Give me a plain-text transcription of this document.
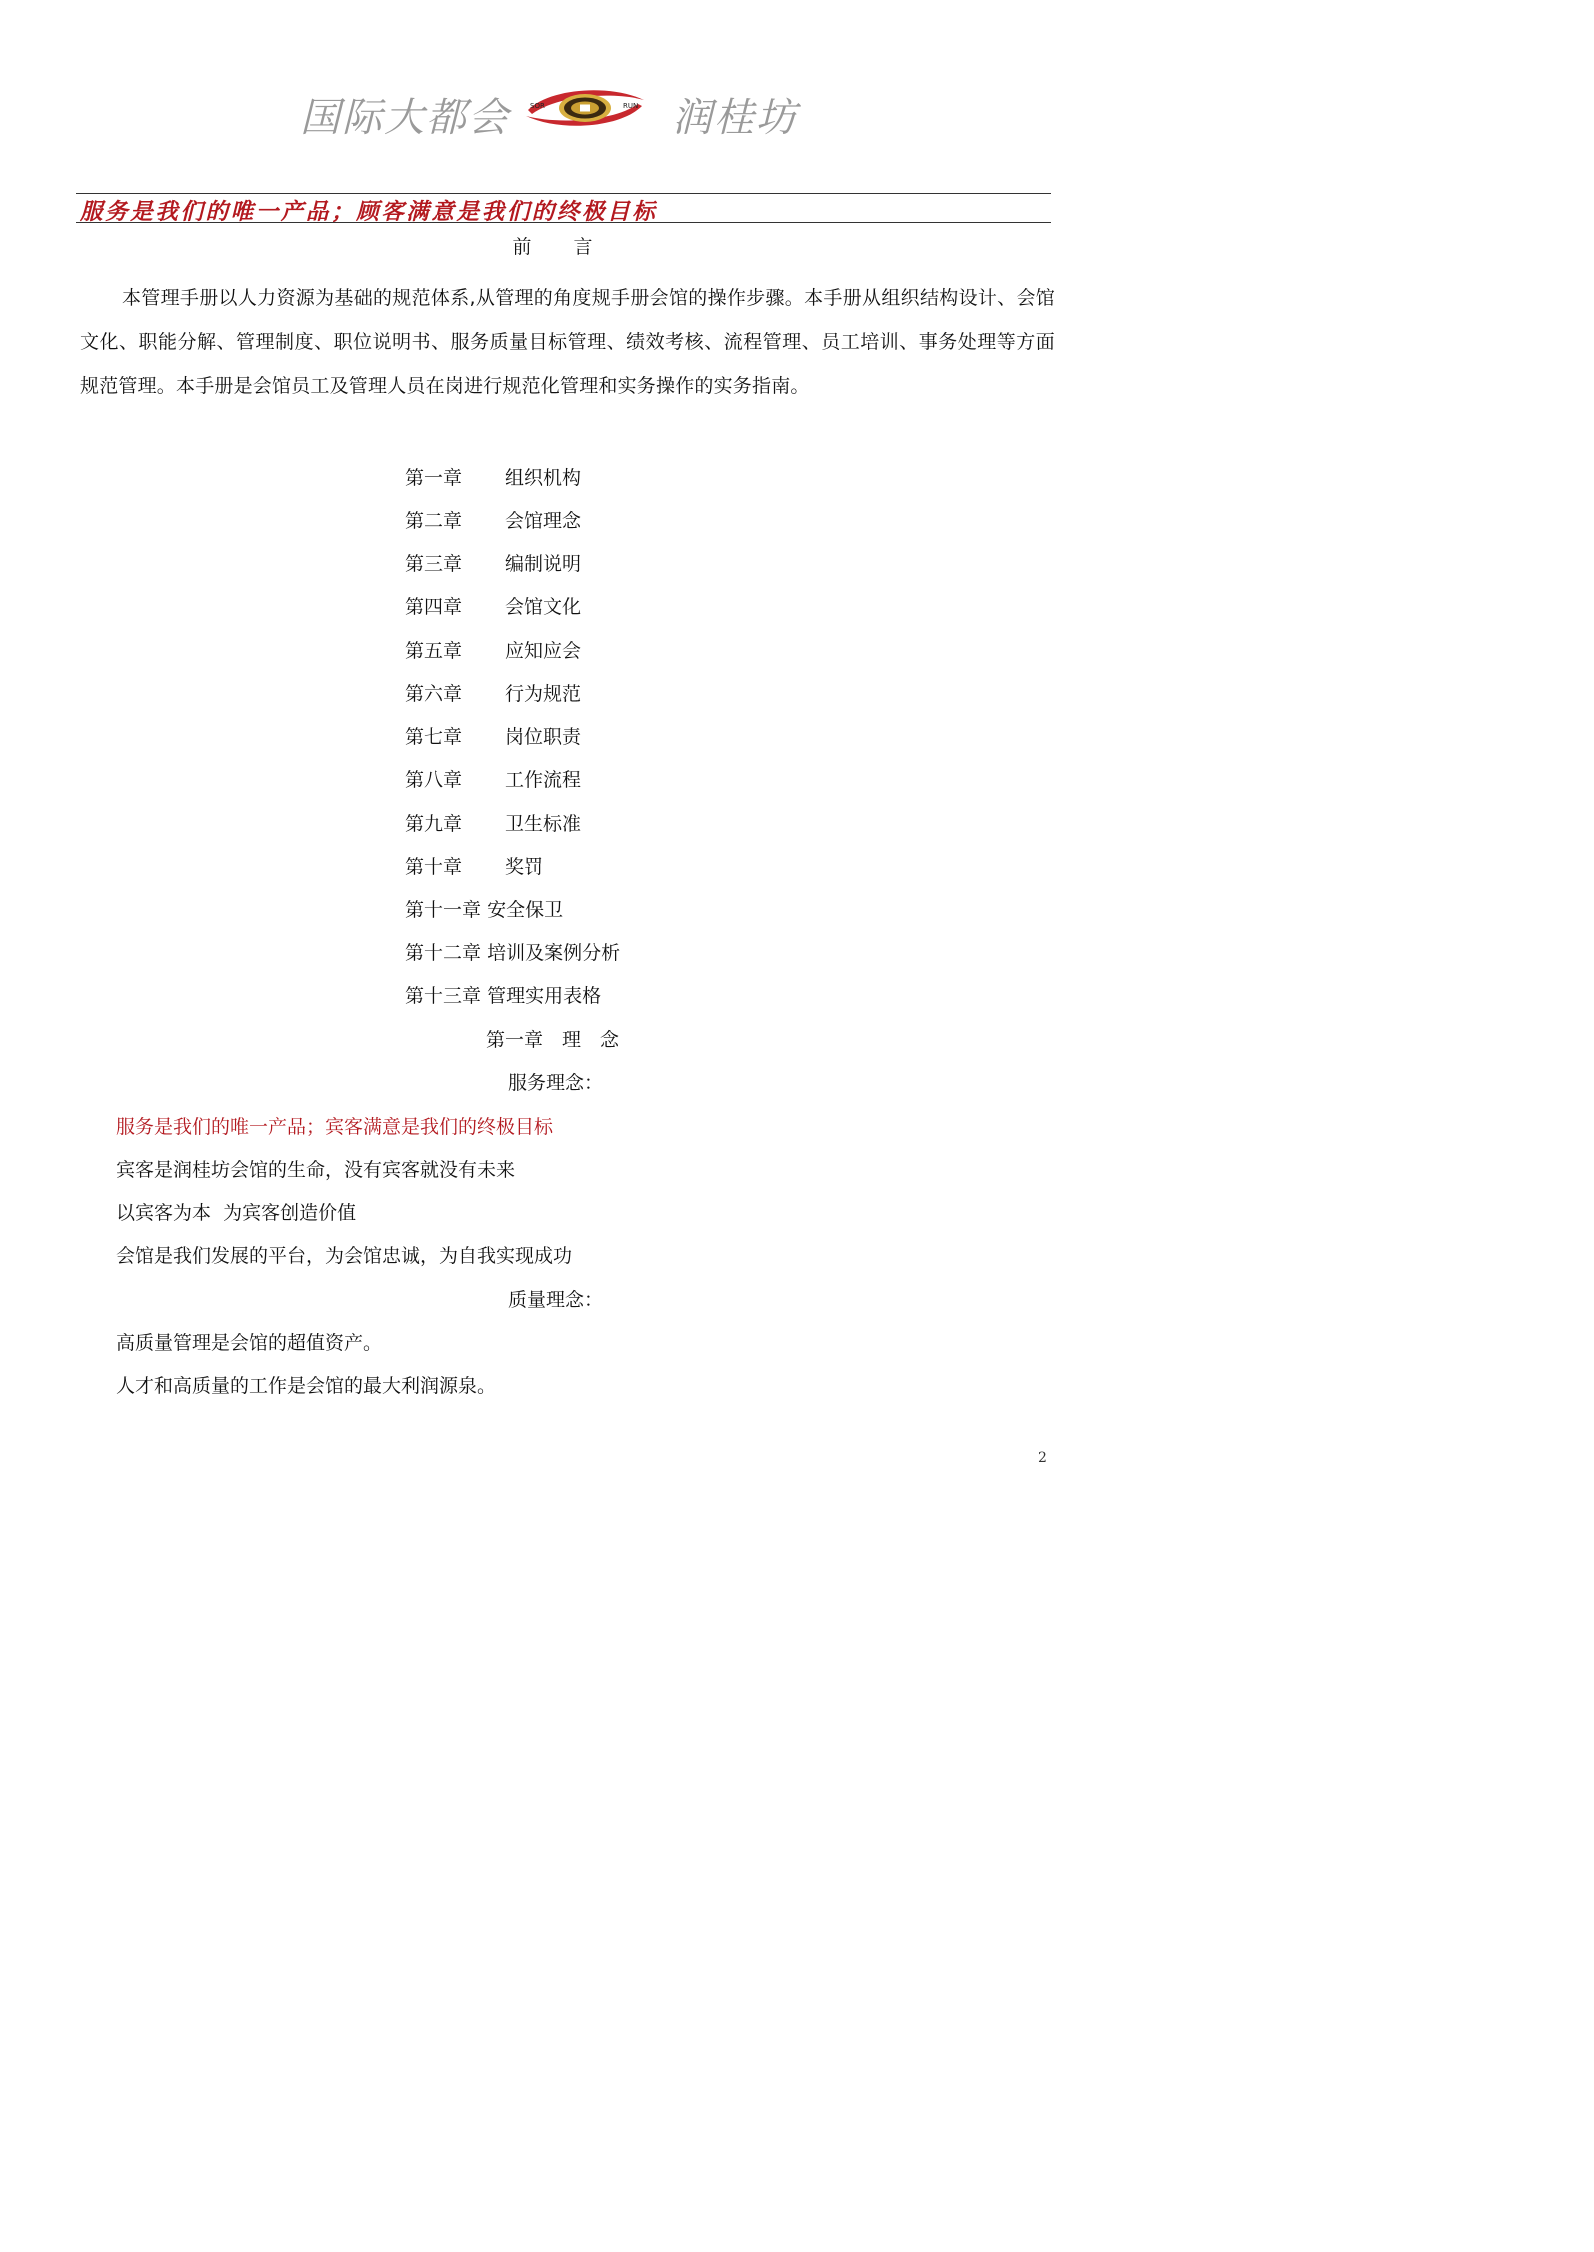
国际大都会	SOR	RUN 润桂坊
服务是我们的唯一产品；顾客满意是我们的终极目标
前 言
本管理手册以人力资源为基础的规范体系,从管理的角度规手册会馆的操作步骤。本手册从组织结构设计、会馆文化、职能分解、管理制度、职位说明书、服务质量目标管理、绩效考核、流程管理、员工培训、事务处理等方面规范管理。本手册是会馆员工及管理人员在岗进行规范化管理和实务操作的实务指南。
第一章 组织机构
第二章 会馆理念
第三章 编制说明
第四章 会馆文化
第五章 应知应会
第六章 行为规范
第七章 岗位职责
第八章 工作流程
第九章 卫生标准
第十章 奖罚
第十一章 安全保卫
第十二章 培训及案例分析
第十三章 管理实用表格
第一章　理　念
服务理念：
服务是我们的唯一产品；宾客满意是我们的终极目标
宾客是润桂坊会馆的生命，没有宾客就没有未来
以宾客为本  为宾客创造价值
会馆是我们发展的平台，为会馆忠诚，为自我实现成功
质量理念：
高质量管理是会馆的超值资产。
人才和高质量的工作是会馆的最大利润源泉。
2
